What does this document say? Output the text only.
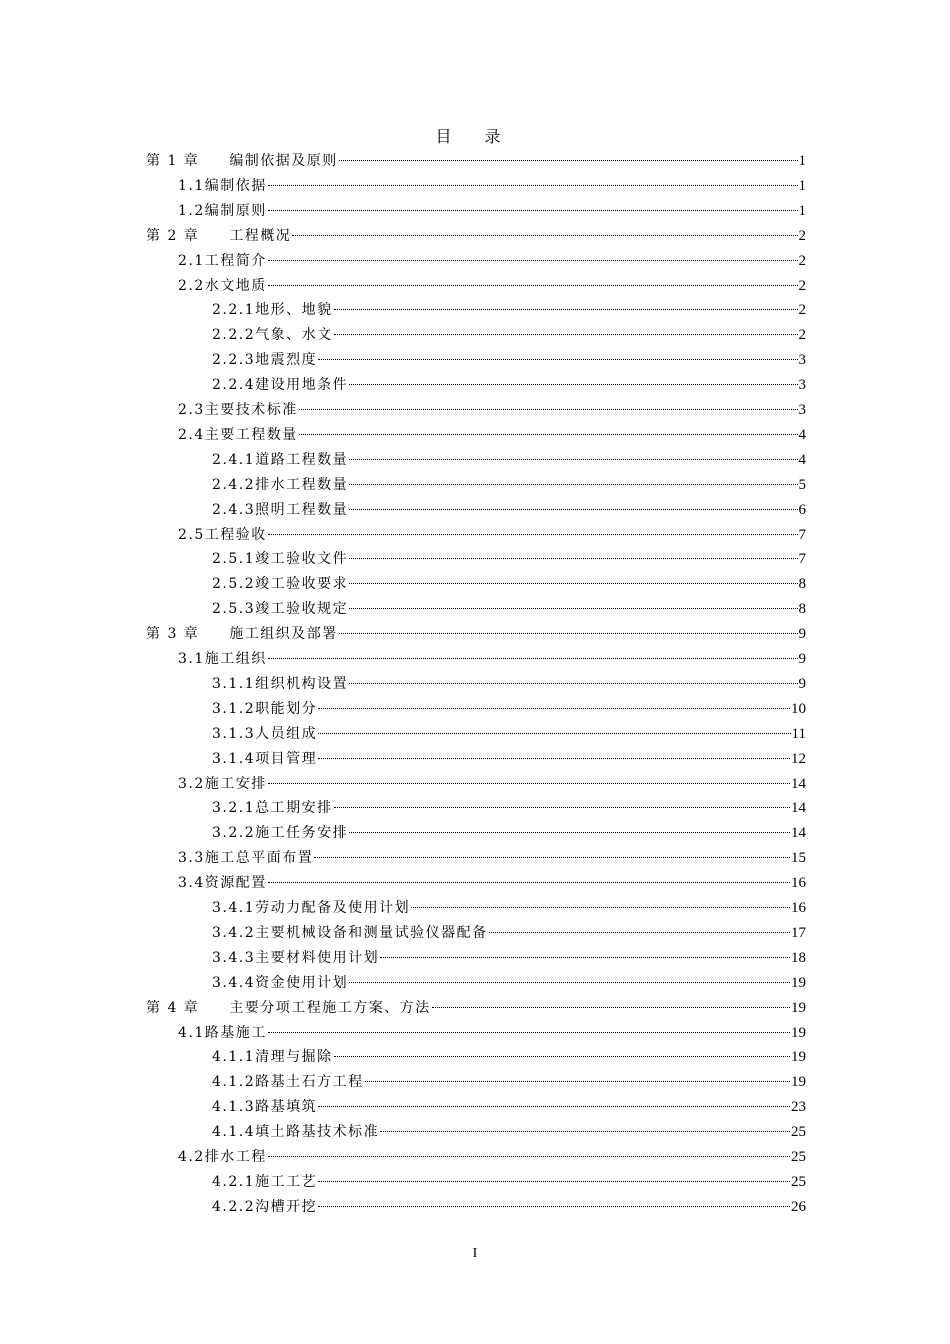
目 录
第 1 章 编制依据及原则	1
1.1 编制依据	1
1.2 编制原则	1
第 2 章 工程概况	2
2.1 工程简介	2
2.2 水文地质	2
2.2.1 地形、地貌	2
2.2.2 气象、水文	2
2.2.3 地震烈度	3
2.2.4 建设用地条件	3
2.3 主要技术标准	3
2.4 主要工程数量	4
2.4.1 道路工程数量	4
2.4.2 排水工程数量	5
2.4.3 照明工程数量	6
2.5 工程验收	7
2.5.1 竣工验收文件	7
2.5.2 竣工验收要求	8
2.5.3 竣工验收规定	8
第 3 章 施工组织及部署	9
3.1 施工组织	9
3.1.1 组织机构设置	9
3.1.2 职能划分	10
3.1.3 人员组成	11
3.1.4 项目管理	12
3.2 施工安排	14
3.2.1 总工期安排	14
3.2.2 施工任务安排	14
3.3 施工总平面布置	15
3.4 资源配置	16
3.4.1 劳动力配备及使用计划	16
3.4.2 主要机械设备和测量试验仪器配备	17
3.4.3 主要材料使用计划	18
3.4.4 资金使用计划	19
第 4 章 主要分项工程施工方案、方法	19
4.1 路基施工	19
4.1.1 清理与掘除	19
4.1.2 路基土石方工程	19
4.1.3 路基填筑	23
4.1.4 填土路基技术标准	25
4.2 排水工程	25
4.2.1 施工工艺	25
4.2.2 沟槽开挖	26
I
